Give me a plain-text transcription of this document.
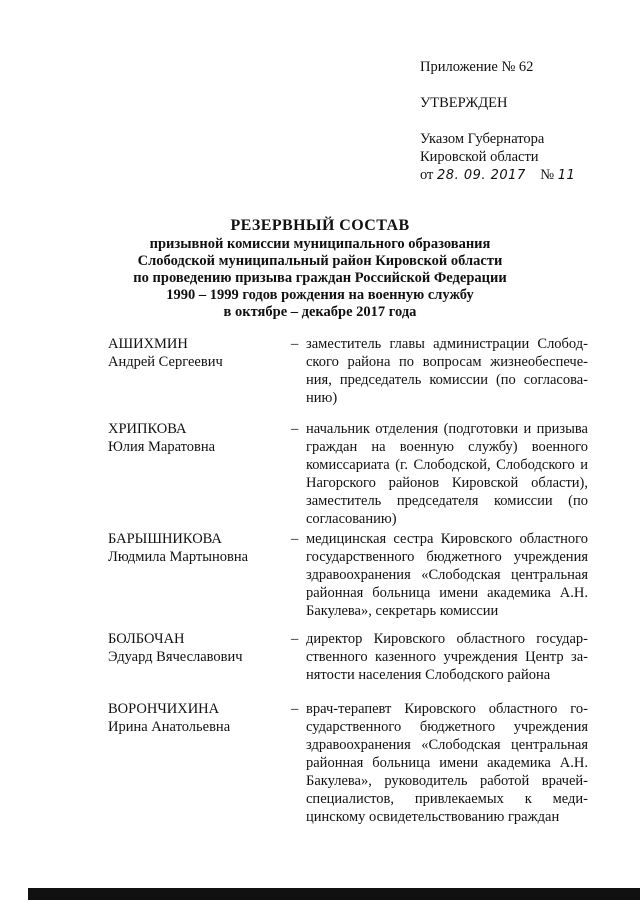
Приложение № 62
УТВЕРЖДЕН
Указом Губернатора
Кировской области
от 28. 09. 2017 № 11
РЕЗЕРВНЫЙ СОСТАВ
призывной комиссии муниципального образования
Слободской муниципальный район Кировской области
по проведению призыва граждан Российской Федерации
1990 – 1999 годов рождения на военную службу
в октябре – декабре 2017 года
АШИХМИН
Андрей Сергеевич
– заместитель главы администрации Слободского района по вопросам жизнеобеспечения, председатель комиссии (по согласованию)
ХРИПКОВА
Юлия Маратовна
– начальник отделения (подготовки и призыва граждан на военную службу) военного комиссариата (г. Слободской, Слободского и Нагорского районов Кировской области), заместитель председателя комиссии (по согласованию)
БАРЫШНИКОВА
Людмила Мартыновна
– медицинская сестра Кировского областного государственного бюджетного учреждения здравоохранения «Слободская центральная районная больница имени академика А.Н. Бакулева», секретарь комиссии
БОЛБОЧАН
Эдуард Вячеславович
– директор Кировского областного государственного казенного учреждения Центр занятости населения Слободского района
ВОРОНЧИХИНА
Ирина Анатольевна
– врач-терапевт Кировского областного государственного бюджетного учреждения здравоохранения «Слободская центральная районная больница имени академика А.Н. Бакулева», руководитель работой врачей-специалистов, привлекаемых к медицинскому освидетельствованию граждан
